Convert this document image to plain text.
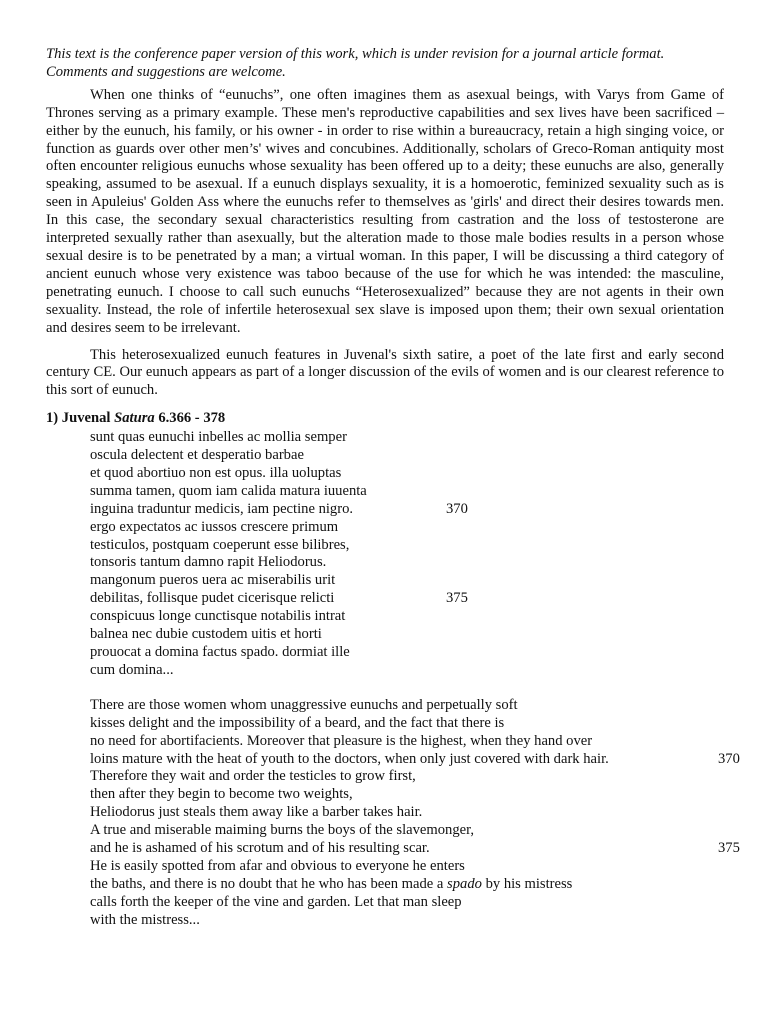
This text is the conference paper version of this work, which is under revision for a journal article format. Comments and suggestions are welcome.

When one thinks of “eunuchs”, one often imagines them as asexual beings, with Varys from Game of Thrones serving as a primary example. These men's reproductive capabilities and sex lives have been sacrificed – either by the eunuch, his family, or his owner - in order to rise within a bureaucracy, retain a high singing voice, or function as guards over other men’s' wives and concubines. Additionally, scholars of Greco-Roman antiquity most often encounter religious eunuchs whose sexuality has been offered up to a deity; these eunuchs are also, generally speaking, assumed to be asexual. If a eunuch displays sexuality, it is a homoerotic, feminized sexuality such as is seen in Apuleius' Golden Ass where the eunuchs refer to themselves as 'girls' and direct their desires towards men. In this case, the secondary sexual characteristics resulting from castration and the loss of testosterone are interpreted sexually rather than asexually, but the alteration made to those male bodies results in a person whose sexual desire is to be penetrated by a man; a virtual woman. In this paper, I will be discussing a third category of ancient eunuch whose very existence was taboo because of the use for which he was intended: the masculine, penetrating eunuch. I choose to call such eunuchs “Heterosexualized” because they are not agents in their own sexuality. Instead, the role of infertile heterosexual sex slave is imposed upon them; their own sexual orientation and desires seem to be irrelevant.

This heterosexualized eunuch features in Juvenal's sixth satire, a poet of the late first and early second century CE. Our eunuch appears as part of a longer discussion of the evils of women and is our clearest reference to this sort of eunuch.

1) Juvenal Satura 6.366 - 378
sunt quas eunuchi inbelles ac mollia semper
oscula delectent et desperatio barbae
et quod abortiuo non est opus. illa uoluptas
summa tamen, quom iam calida matura iuuenta
inguina traduntur medicis, iam pectine nigro.	370
ergo expectatos ac iussos crescere primum
testiculos, postquam coeperunt esse bilibres,
tonsoris tantum damno rapit Heliodorus.
mangonum pueros uera ac miserabilis urit
debilitas, follisque pudet cicerisque relicti	375
conspicuus longe cunctisque notabilis intrat
balnea nec dubie custodem uitis et horti
prouocat a domina factus spado. dormiat ille
cum domina...
There are those women whom unaggressive eunuchs and perpetually soft
kisses delight and the impossibility of a beard, and the fact that there is
no need for abortifacients. Moreover that pleasure is the highest, when they hand over
loins mature with the heat of youth to the doctors, when only just covered with dark hair.	370
Therefore they wait and order the testicles to grow first,
then after they begin to become two weights,
Heliodorus just steals them away like a barber takes hair.
A true and miserable maiming burns the boys of the slavemonger,
and he is ashamed of his scrotum and of his resulting scar.	375
He is easily spotted from afar and obvious to everyone he enters
the baths, and there is no doubt that he who has been made a spado by his mistress
calls forth the keeper of the vine and garden. Let that man sleep
with the mistress...
